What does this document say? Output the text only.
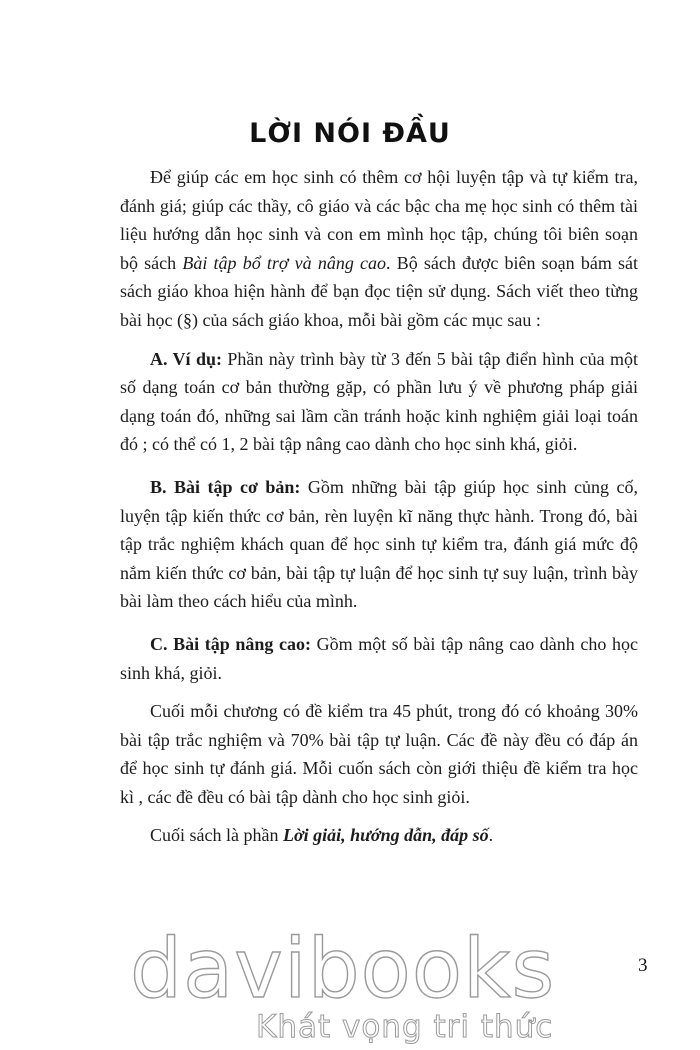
LỜI NÓI ĐẦU

Để giúp các em học sinh có thêm cơ hội luyện tập và tự kiểm tra, đánh giá; giúp các thầy, cô giáo và các bậc cha mẹ học sinh có thêm tài liệu hướng dẫn học sinh và con em mình học tập, chúng tôi biên soạn bộ sách Bài tập bổ trợ và nâng cao. Bộ sách được biên soạn bám sát sách giáo khoa hiện hành để bạn đọc tiện sử dụng. Sách viết theo từng bài học (§) của sách giáo khoa, mỗi bài gồm các mục sau :

A. Ví dụ: Phần này trình bày từ 3 đến 5 bài tập điển hình của một số dạng toán cơ bản thường gặp, có phần lưu ý về phương pháp giải dạng toán đó, những sai lầm cần tránh hoặc kinh nghiệm giải loại toán đó ; có thể có 1, 2 bài tập nâng cao dành cho học sinh khá, giỏi.

B. Bài tập cơ bản: Gồm những bài tập giúp học sinh củng cố, luyện tập kiến thức cơ bản, rèn luyện kĩ năng thực hành. Trong đó, bài tập trắc nghiệm khách quan để học sinh tự kiểm tra, đánh giá mức độ nắm kiến thức cơ bản, bài tập tự luận để học sinh tự suy luận, trình bày bài làm theo cách hiểu của mình.

C. Bài tập nâng cao: Gồm một số bài tập nâng cao dành cho học sinh khá, giỏi.

Cuối mỗi chương có đề kiểm tra 45 phút, trong đó có khoảng 30% bài tập trắc nghiệm và 70% bài tập tự luận. Các đề này đều có đáp án để học sinh tự đánh giá. Mỗi cuốn sách còn giới thiệu đề kiểm tra học kì , các đề đều có bài tập dành cho học sinh giỏi.

Cuối sách là phần Lời giải, hướng dẫn, đáp số.

3
davibooks
Khát vọng tri thức
